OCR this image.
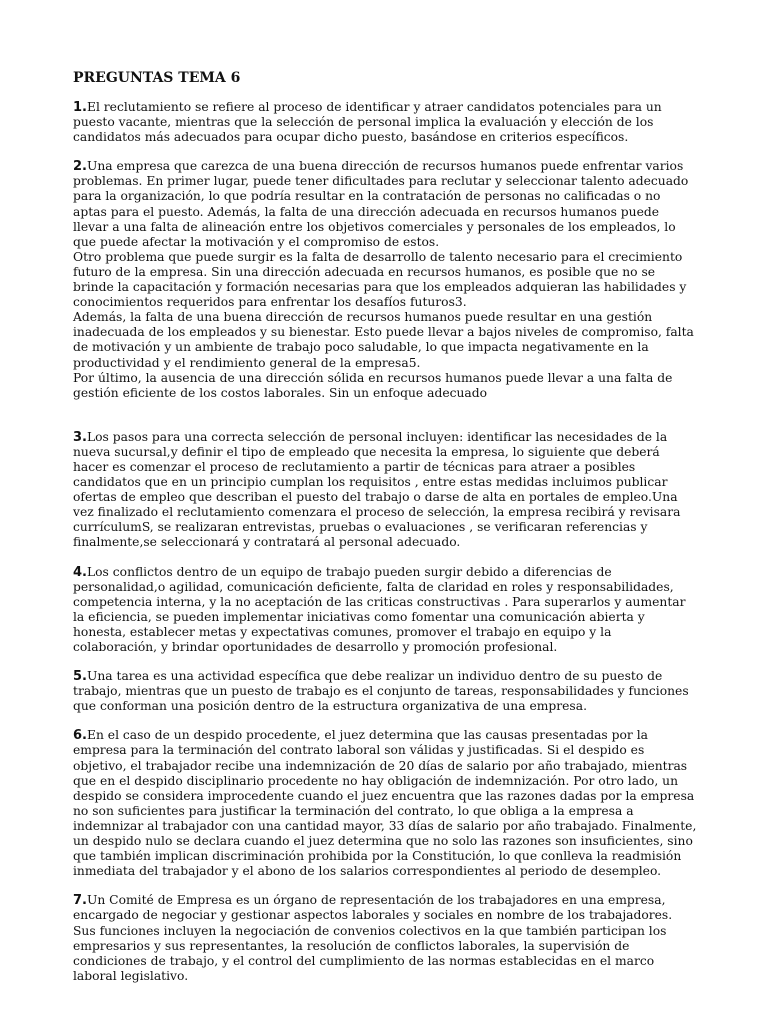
PREGUNTAS TEMA 6

1.El reclutamiento se refiere al proceso de identificar y atraer candidatos potenciales para un puesto vacante, mientras que la selección de personal implica la evaluación y elección de los candidatos más adecuados para ocupar dicho puesto, basándose en criterios específicos.

2.Una empresa que carezca de una buena dirección de recursos humanos puede enfrentar varios problemas. En primer lugar, puede tener dificultades para reclutar y seleccionar talento adecuado para la organización, lo que podría resultar en la contratación de personas no calificadas o no aptas para el puesto. Además, la falta de una dirección adecuada en recursos humanos puede llevar a una falta de alineación entre los objetivos comerciales y personales de los empleados, lo que puede afectar la motivación y el compromiso de estos.

Otro problema que puede surgir es la falta de desarrollo de talento necesario para el crecimiento futuro de la empresa. Sin una dirección adecuada en recursos humanos, es posible que no se brinde la capacitación y formación necesarias para que los empleados adquieran las habilidades y conocimientos requeridos para enfrentar los desafíos futuros3.

Además, la falta de una buena dirección de recursos humanos puede resultar en una gestión inadecuada de los empleados y su bienestar. Esto puede llevar a bajos niveles de compromiso, falta de motivación y un ambiente de trabajo poco saludable, lo que impacta negativamente en la productividad y el rendimiento general de la empresa5.

Por último, la ausencia de una dirección sólida en recursos humanos puede llevar a una falta de gestión eficiente de los costos laborales. Sin un enfoque adecuado

3.Los pasos para una correcta selección de personal incluyen: identificar las necesidades de la nueva sucursal,y definir el tipo de empleado que necesita la empresa, lo siguiente que deberá hacer es comenzar el proceso de reclutamiento a partir de técnicas para atraer a posibles candidatos que en un principio cumplan los requisitos , entre estas medidas incluimos publicar ofertas de empleo que describan el puesto del trabajo o darse de alta en portales de empleo.Una vez finalizado el reclutamiento comenzara el proceso de selección, la empresa recibirá y revisara currículumS, se realizaran entrevistas, pruebas o evaluaciones , se verificaran referencias y finalmente,se seleccionará y contratará al personal adecuado.

4.Los conflictos dentro de un equipo de trabajo pueden surgir debido a diferencias de personalidad,o agilidad, comunicación deficiente, falta de claridad en roles y responsabilidades, competencia interna, y la no aceptación de las criticas constructivas . Para superarlos y aumentar la eficiencia, se pueden implementar iniciativas como fomentar una comunicación abierta y honesta, establecer metas y expectativas comunes, promover el trabajo en equipo y la colaboración, y brindar oportunidades de desarrollo y promoción profesional.

5.Una tarea es una actividad específica que debe realizar un individuo dentro de su puesto de trabajo, mientras que un puesto de trabajo es el conjunto de tareas, responsabilidades y funciones que conforman una posición dentro de la estructura organizativa de una empresa.

6.En el caso de un despido procedente, el juez determina que las causas presentadas por la empresa para la terminación del contrato laboral son válidas y justificadas. Si el despido es objetivo, el trabajador recibe una indemnización de 20 días de salario por año trabajado, mientras que en el despido disciplinario procedente no hay obligación de indemnización. Por otro lado, un despido se considera improcedente cuando el juez encuentra que las razones dadas por la empresa no son suficientes para justificar la terminación del contrato, lo que obliga a la empresa a indemnizar al trabajador con una cantidad mayor, 33 días de salario por año trabajado. Finalmente, un despido nulo se declara cuando el juez determina que no solo las razones son insuficientes, sino que también implican discriminación prohibida por la Constitución, lo que conlleva la readmisión inmediata del trabajador y el abono de los salarios correspondientes al periodo de desempleo.

7.Un Comité de Empresa es un órgano de representación de los trabajadores en una empresa, encargado de negociar y gestionar aspectos laborales y sociales en nombre de los trabajadores. Sus funciones incluyen la negociación de convenios colectivos en la que también participan los empresarios y sus representantes, la resolución de conflictos laborales, la supervisión de condiciones de trabajo, y el control del cumplimiento de las normas establecidas en el marco laboral legislativo.
